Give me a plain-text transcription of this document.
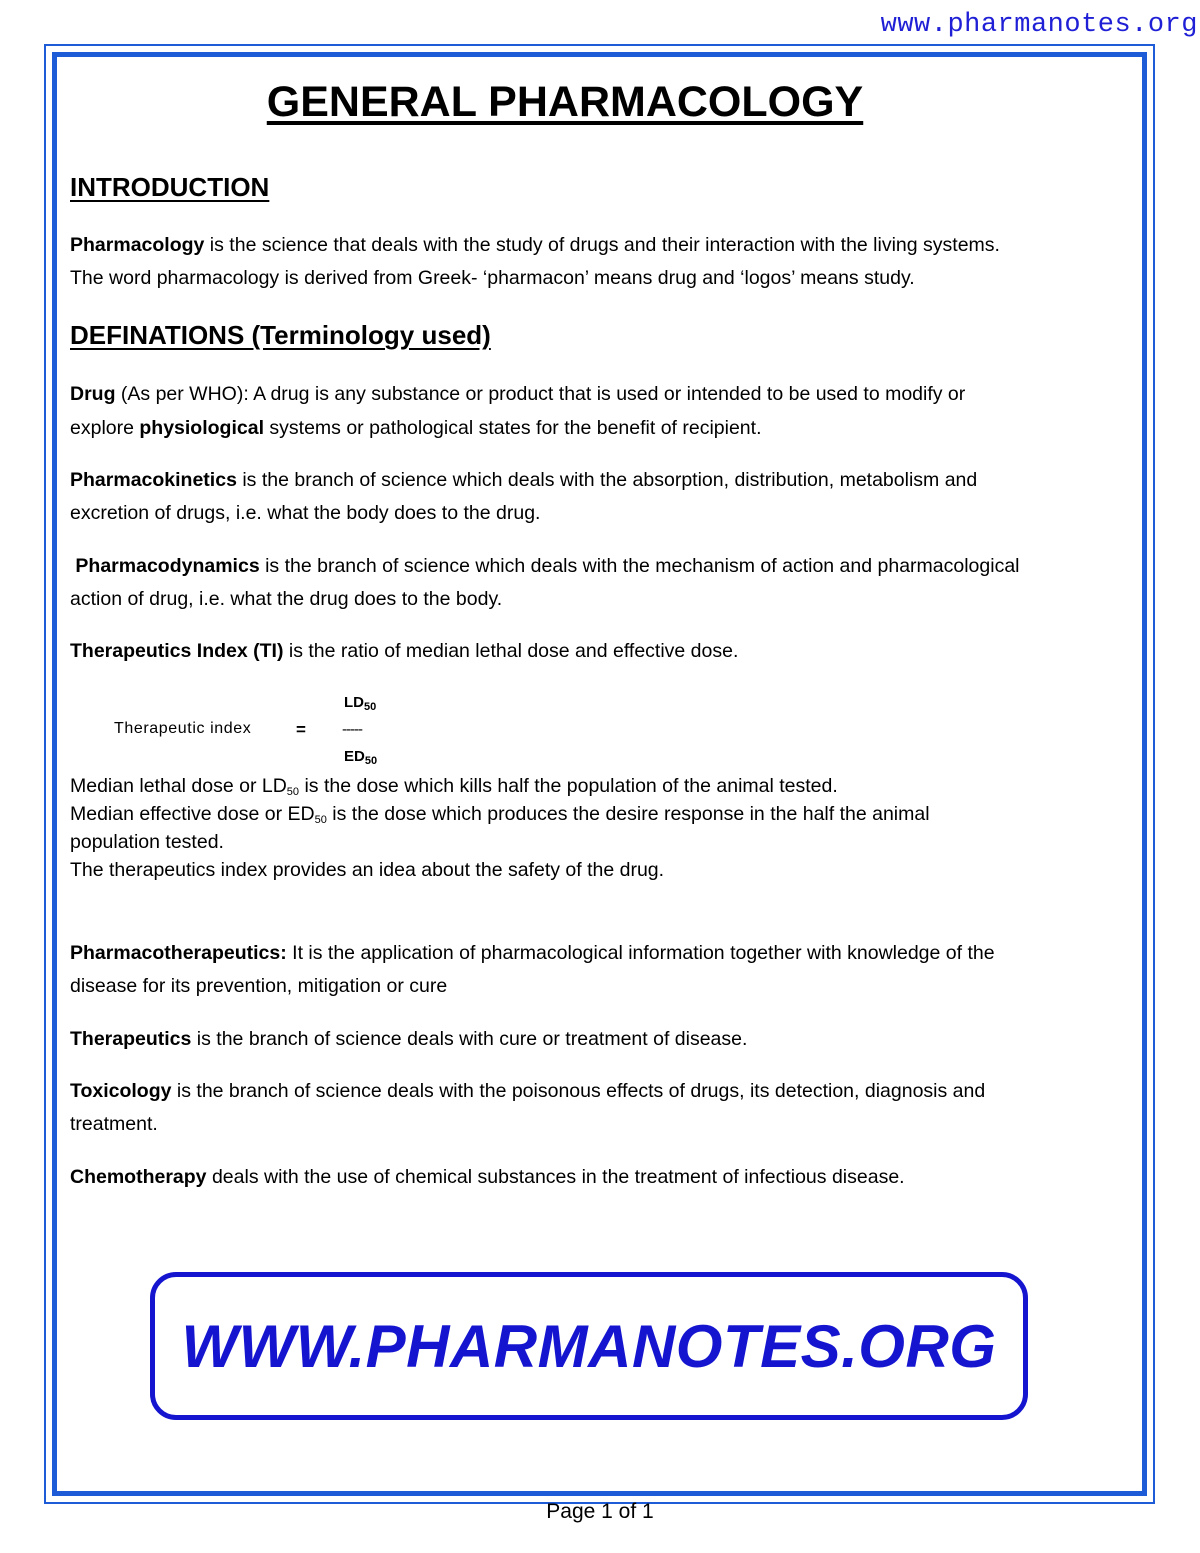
www.pharmanotes.org
GENERAL PHARMACOLOGY
INTRODUCTION

Pharmacology is the science that deals with the study of drugs and their interaction with the living systems.

The word pharmacology is derived from Greek- ‘pharmacon’ means drug and ‘logos’ means study.

DEFINATIONS (Terminology used)

Drug (As per WHO): A drug is any substance or product that is used or intended to be used to modify or

explore physiological systems or pathological states for the benefit of recipient.

Pharmacokinetics is the branch of science which deals with the absorption, distribution, metabolism and

excretion of drugs, i.e. what the body does to the drug.

Pharmacodynamics is the branch of science which deals with the mechanism of action and pharmacological

action of drug, i.e. what the drug does to the body.

Therapeutics Index (TI) is the ratio of median lethal dose and effective dose.

Therapeutic index	=
$LD_{50}$
-----
$ED_{50}$

Median lethal dose or $LD_{50}$ is the dose which kills half the population of the animal tested.

Median effective dose or $ED_{50}$ is the dose which produces the desire response in the half the animal

population tested.

The therapeutics index provides an idea about the safety of the drug.

Pharmacotherapeutics: It is the application of pharmacological information together with knowledge of the

disease for its prevention, mitigation or cure

Therapeutics is the branch of science deals with cure or treatment of disease.

Toxicology is the branch of science deals with the poisonous effects of drugs, its detection, diagnosis and

treatment.

Chemotherapy deals with the use of chemical substances in the treatment of infectious disease.

WWW.PHARMANOTES.ORG
Page 1 of 1
